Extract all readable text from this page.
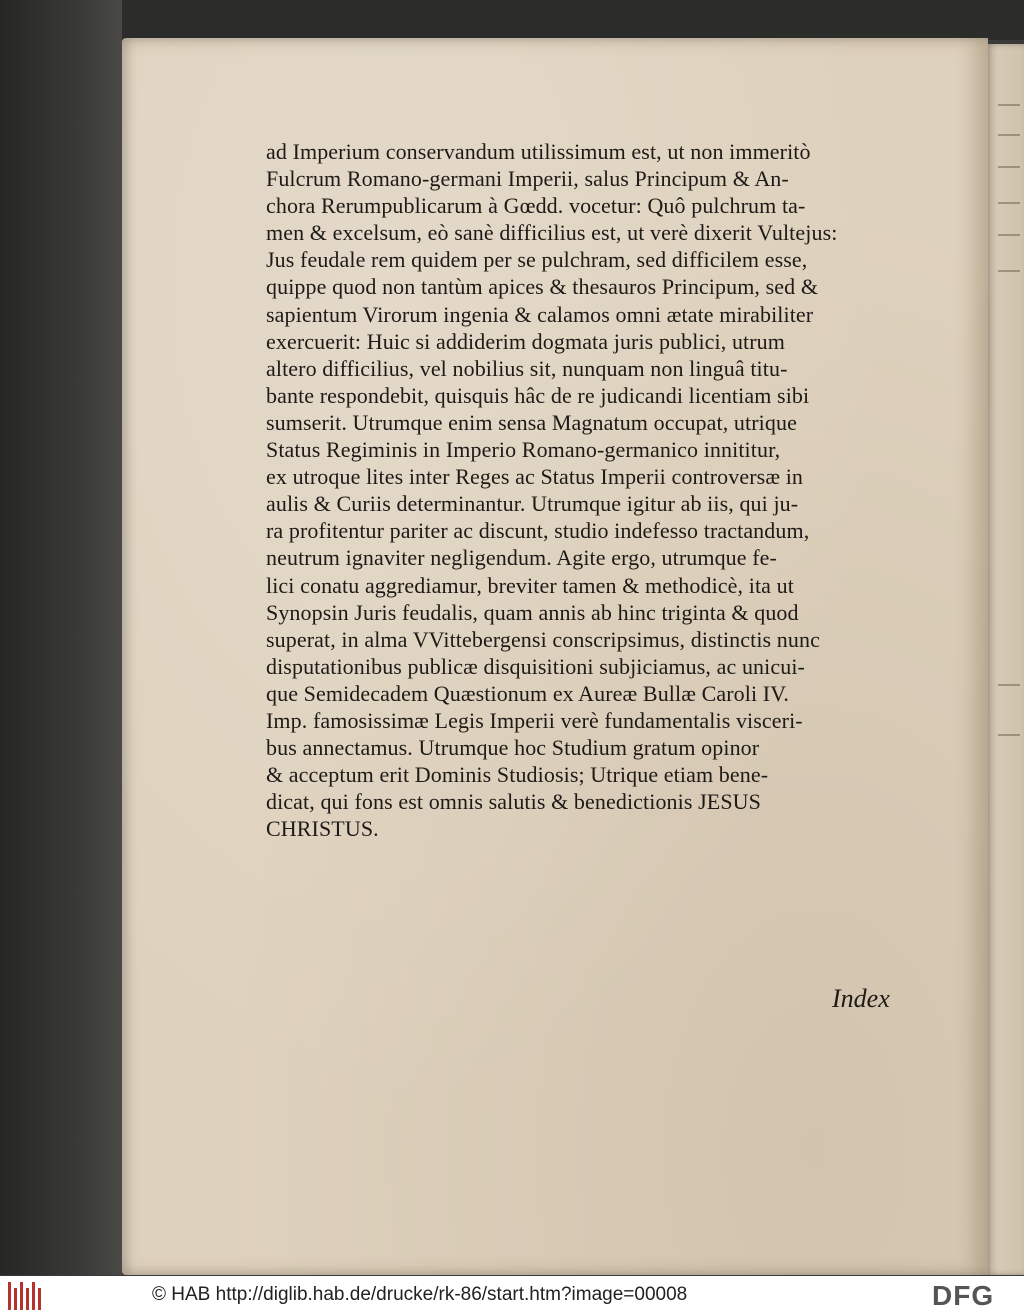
ad Imperium conservandum utilissimum est, ut non immeritò
Fulcrum Romano-germani Imperii, salus Principum & An-
chora Rerumpublicarum à Gœdd. vocetur: Quô pulchrum ta-
men & excelsum, eò sanè difficilius est, ut verè dixerit Vultejus:
Jus feudale rem quidem per se pulchram, sed difficilem esse,
quippe quod non tantùm apices & thesauros Principum, sed &
sapientum Virorum ingenia & calamos omni ætate mirabiliter
exercuerit: Huic si addiderim dogmata juris publici, utrum
altero difficilius, vel nobilius sit, nunquam non linguâ titu-
bante respondebit, quisquis hâc de re judicandi licentiam sibi
sumserit. Utrumque enim sensa Magnatum occupat, utrique
Status Regiminis in Imperio Romano-germanico innititur,
ex utroque lites inter Reges ac Status Imperii controversæ in
aulis & Curiis determinantur. Utrumque igitur ab iis, qui ju-
ra profitentur pariter ac discunt, studio indefesso tractandum,
neutrum ignaviter negligendum. Agite ergo, utrumque fe-
lici conatu aggrediamur, breviter tamen & methodicè, ita ut
Synopsin Juris feudalis, quam annis ab hinc triginta & quod
superat, in alma VVittebergensi conscripsimus, distinctis nunc
disputationibus publicæ disquisitioni subjiciamus, ac unicui-
que Semidecadem Quæstionum ex Aureæ Bullæ Caroli IV.
Imp. famosissimæ Legis Imperii verè fundamentalis visceri-
bus annectamus. Utrumque hoc Studium gratum opinor
& acceptum erit Dominis Studiosis; Utrique etiam bene-
dicat, qui fons est omnis salutis & benedictionis JESUS
CHRISTUS.
Index
© HAB http://diglib.hab.de/drucke/rk-86/start.htm?image=00008	DFG
